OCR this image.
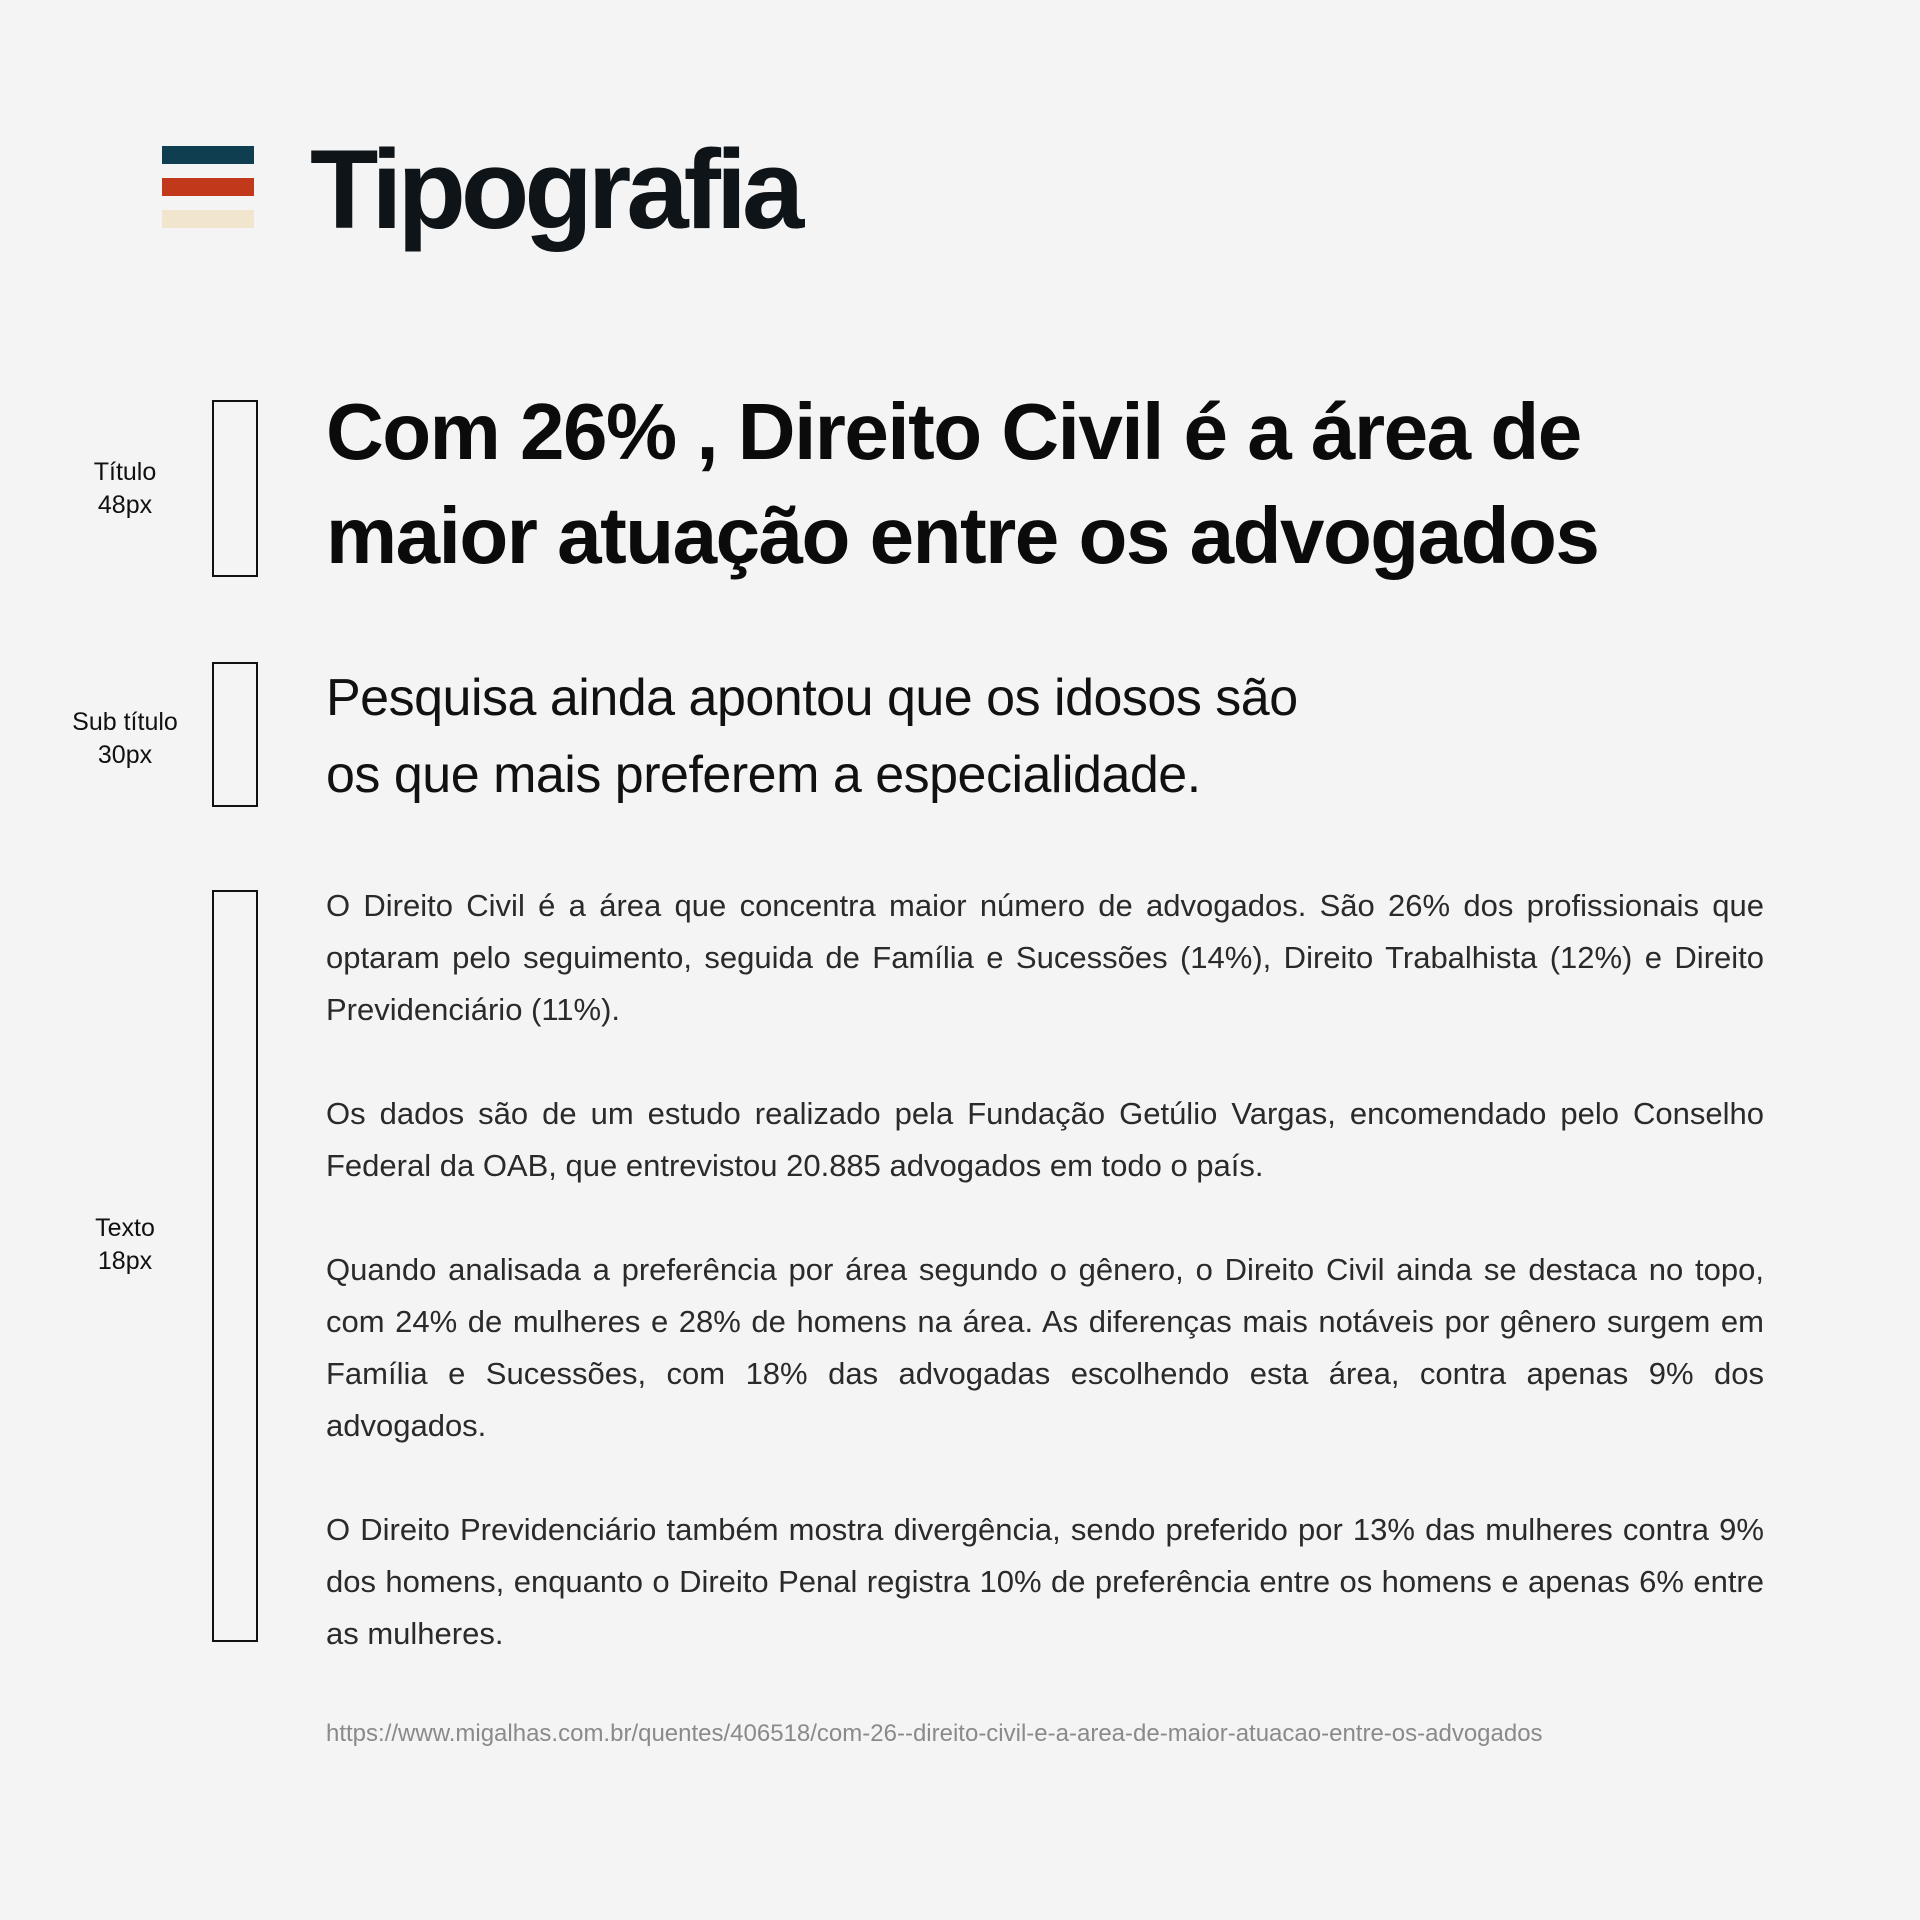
Tipografia
Título
48px
Com 26% , Direito Civil é a área de
maior atuação entre os advogados
Sub título
30px
Pesquisa ainda apontou que os idosos são
os que mais preferem a especialidade.
Texto
18px

O Direito Civil é a área que concentra maior número de advogados. São 26% dos profissionais que optaram pelo seguimento, seguida de Família e Sucessões (14%), Direito Trabalhista (12%) e Direito Previdenciário (11%).

Os dados são de um estudo realizado pela Fundação Getúlio Vargas, encomendado pelo Conselho Federal da OAB, que entrevistou 20.885 advogados em todo o país.

Quando analisada a preferência por área segundo o gênero, o Direito Civil ainda se destaca no topo, com 24% de mulheres e 28% de homens na área. As diferenças mais notáveis por gênero surgem em Família e Sucessões, com 18% das advogadas escolhendo esta área, contra apenas 9% dos advogados.

O Direito Previdenciário também mostra divergência, sendo preferido por 13% das mulheres contra 9% dos homens, enquanto o Direito Penal registra 10% de preferência entre os homens e apenas 6% entre as mulheres.

https://www.migalhas.com.br/quentes/406518/com-26--direito-civil-e-a-area-de-maior-atuacao-entre-os-advogados
